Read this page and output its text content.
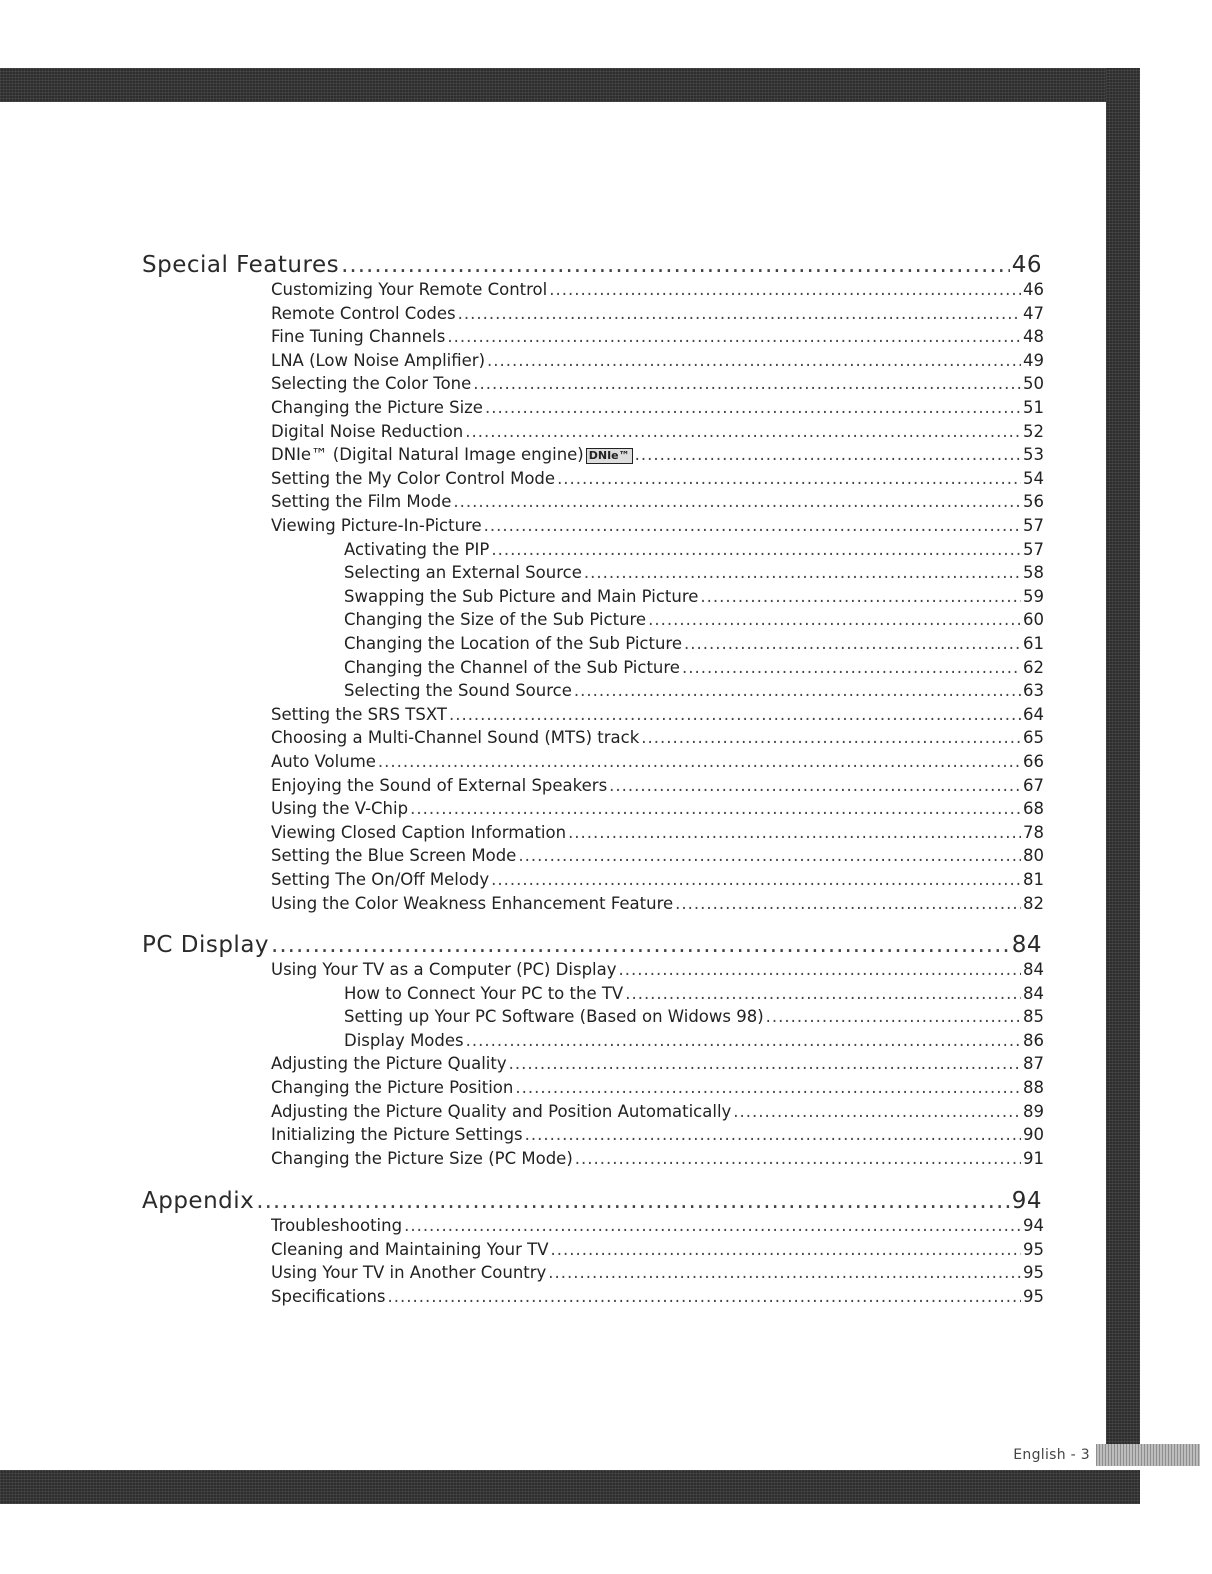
English - 3
Special Features .....	46
Customizing Your Remote Control .....	46
Remote Control Codes .....	47
Fine Tuning Channels .....	48
LNA (Low Noise Amplifier) .....	49
Selecting the Color Tone .....	50
Changing the Picture Size .....	51
Digital Noise Reduction .....	52
DNIe™ (Digital Natural Image engine) DNIe™ .....	53
Setting the My Color Control Mode .....	54
Setting the Film Mode .....	56
Viewing Picture-In-Picture .....	57
Activating the PIP .....	57
Selecting an External Source .....	58
Swapping the Sub Picture and Main Picture .....	59
Changing the Size of the Sub Picture .....	60
Changing the Location of the Sub Picture .....	61
Changing the Channel of the Sub Picture .....	62
Selecting the Sound Source .....	63
Setting the SRS TSXT .....	64
Choosing a Multi-Channel Sound (MTS) track .....	65
Auto Volume .....	66
Enjoying the Sound of External Speakers .....	67
Using the V-Chip .....	68
Viewing Closed Caption Information .....	78
Setting the Blue Screen Mode .....	80
Setting The On/Off Melody .....	81
Using the Color Weakness Enhancement Feature .....	82
PC Display .....	84
Using Your TV as a Computer (PC) Display .....	84
How to Connect Your PC to the TV .....	84
Setting up Your PC Software (Based on Widows 98) .....	85
Display Modes .....	86
Adjusting the Picture Quality .....	87
Changing the Picture Position .....	88
Adjusting the Picture Quality and Position Automatically .....	89
Initializing the Picture Settings .....	90
Changing the Picture Size (PC Mode) .....	91
Appendix .....	94
Troubleshooting .....	94
Cleaning and Maintaining Your TV .....	95
Using Your TV in Another Country .....	95
Specifications .....	95
